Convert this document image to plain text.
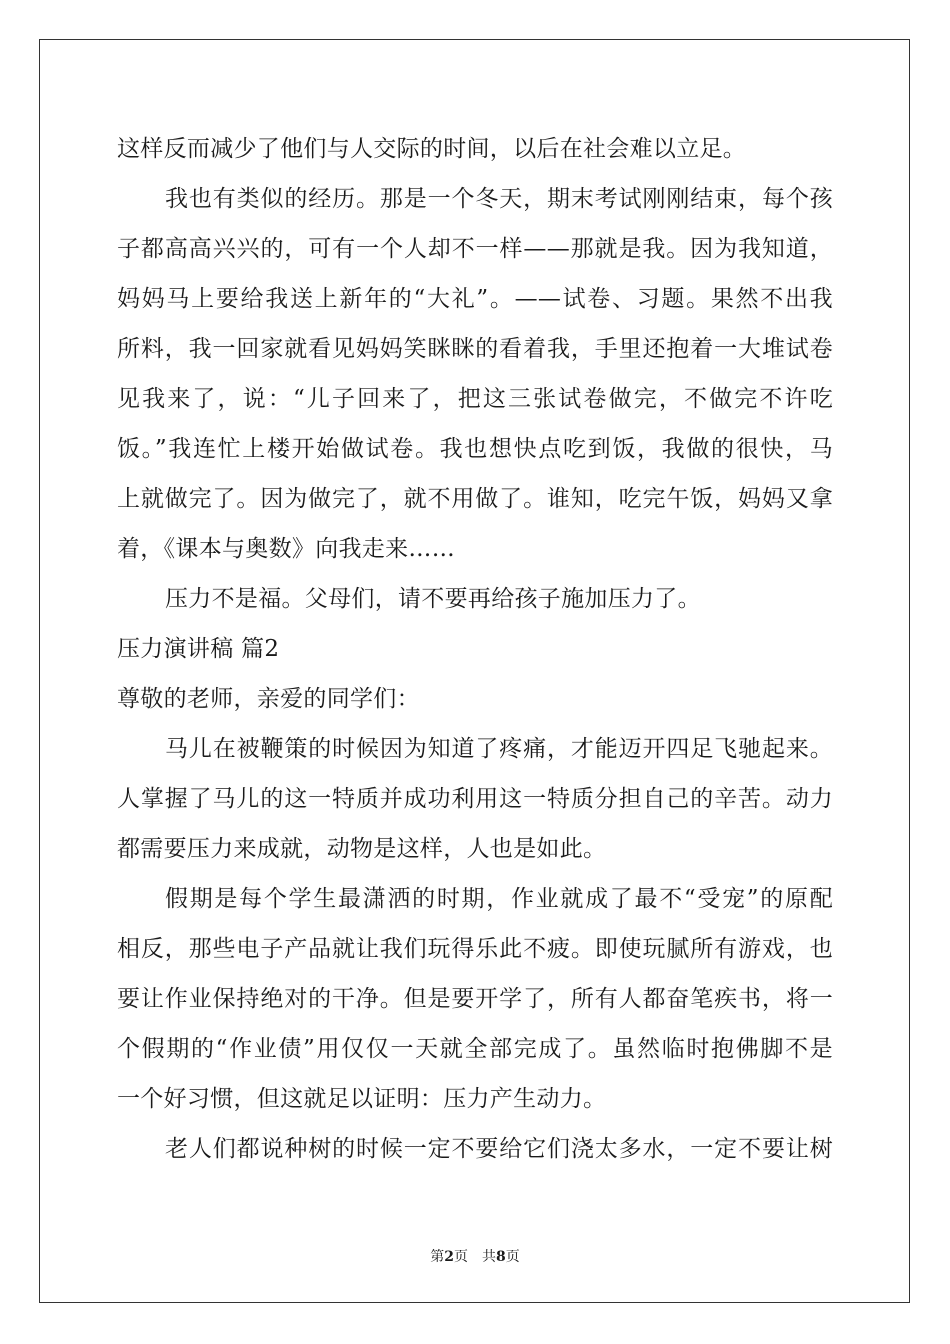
这样反而减少了他们与人交际的时间，以后在社会难以立足。
我也有类似的经历。那是一个冬天，期末考试刚刚结束，每个孩
子都高高兴兴的，可有一个人却不一样——那就是我。因为我知道，
妈妈马上要给我送上新年的“大礼”。——试卷、习题。果然不出我
所料，我一回家就看见妈妈笑眯眯的看着我，手里还抱着一大堆试卷
见我来了，说：“儿子回来了，把这三张试卷做完，不做完不许吃
饭。”我连忙上楼开始做试卷。我也想快点吃到饭，我做的很快，马
上就做完了。因为做完了，就不用做了。谁知，吃完午饭，妈妈又拿
着，《课本与奥数》向我走来……
压力不是福。父母们，请不要再给孩子施加压力了。
压力演讲稿 篇2
尊敬的老师，亲爱的同学们：
马儿在被鞭策的时候因为知道了疼痛，才能迈开四足飞驰起来。
人掌握了马儿的这一特质并成功利用这一特质分担自己的辛苦。动力
都需要压力来成就，动物是这样，人也是如此。
假期是每个学生最潇洒的时期，作业就成了最不“受宠”的原配
相反，那些电子产品就让我们玩得乐此不疲。即使玩腻所有游戏，也
要让作业保持绝对的干净。但是要开学了，所有人都奋笔疾书，将一
个假期的“作业债”用仅仅一天就全部完成了。虽然临时抱佛脚不是
一个好习惯，但这就足以证明：压力产生动力。
老人们都说种树的时候一定不要给它们浇太多水，一定不要让树
第2页　共8页
